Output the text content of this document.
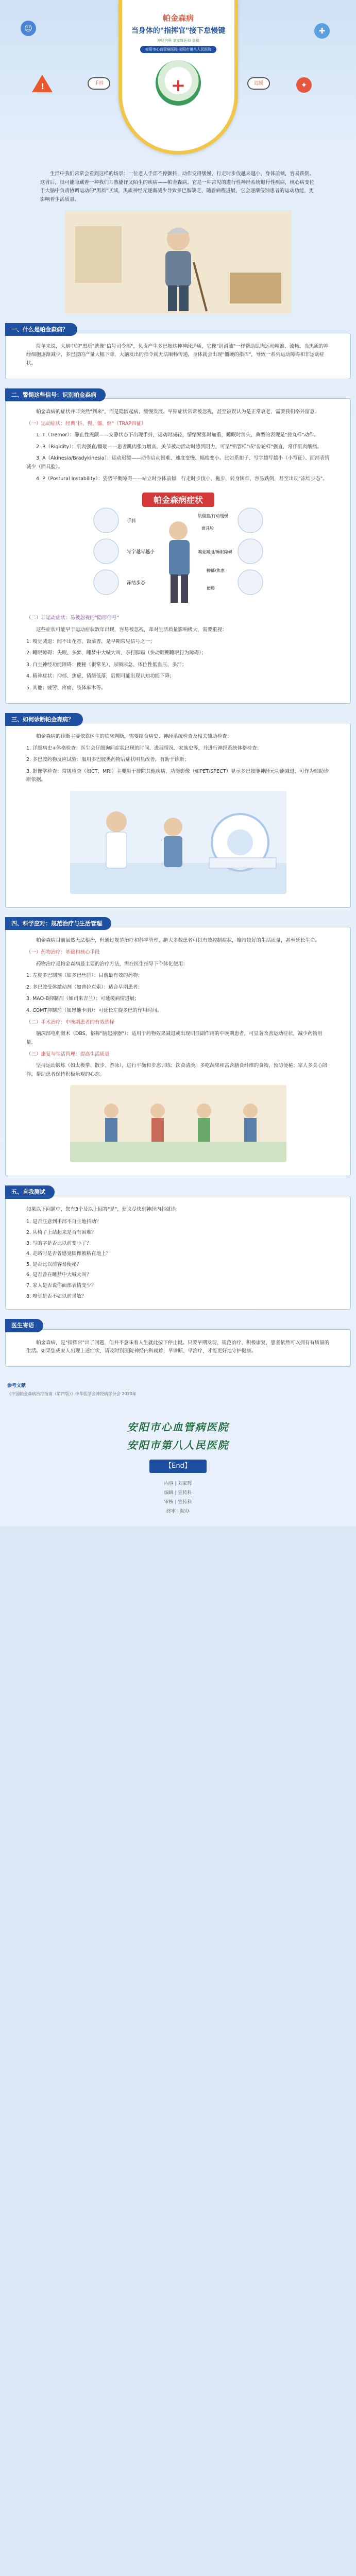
帕金森病
当身体的"指挥官"接下怠慢键
神经内科 刘家辉医师 供稿
安阳市心血管病医院·安阳市第八人民医院
+
☺	✚
!	✦
手抖	迟缓

生活中我们常常会看到这样的场景：一位老人手部不停颤抖，动作变得缓慢，行走时步伐越来越小，身体前倾，容易跌倒。这背后，很可能隐藏着一种我们耳熟能详又陌生的疾病——帕金森病。它是一种常见的进行性神经系统退行性疾病，核心病变位于大脑中负责协调运动的"黑质"区域，黑质神经元逐渐减少导致多巴胺缺乏，随着病程进展，它会逐渐侵蚀患者的运动功能，更影响着生活质量。

一、什么是帕金森病？

简单来说，大脑中的"黑质"就像"信号司令部"，负责产生多巴胺这种神经递质，它像"润滑油"一样帮助肌肉运动精准、流畅。当黑质的神经细胞逐渐减少，多巴胺的产量大幅下降，大脑发出的指令就无法顺畅传递，身体就会出现"僵硬的指挥"，导致一系列运动障碍和非运动症状。

二、警惕这些信号：识别帕金森病

帕金森病的症状并非突然"到来"，而是隐匿起病、缓慢发展。早期症状常常被忽视，甚至被误认为是正常衰老，需要我们格外留意。

（一）运动症状：经典"抖、慢、僵、倒"（TRAP四征）

1. T（Tremor）：静止性震颤——安静状态下出现手抖，运动时减轻，情绪紧张时加重，睡眠时消失，典型的表现是"搓丸样"动作。

2. R（Rigidity）：肌肉强直/僵硬——患者肌肉张力增高，关节被动活动时感到阻力，可呈"铅管样"或"齿轮样"强直，常伴肌肉酸痛。

3. A（Akinesia/Bradykinesia）：运动迟缓——动作启动困难、速度变慢、幅度变小。比如系扣子、写字越写越小（小写征）、面部表情减少（面具脸）。

4. P（Postural Instability）：姿势平衡障碍——站立时身体前倾，行走时步伐小、拖步，转身困难，容易跌倒，甚至出现"冻结步态"。

帕金森病症状
手抖
写字越写越小
冻结步态
肌僵直/行动缓慢
面具脸
嗅觉减退/睡眠障碍
抑郁/焦虑
便秘

（二）非运动症状：易被忽视的"隐形信号"

这些症状可能早于运动症状数年出现，容易被忽视，却对生活质量影响极大，需要重视：

1. 嗅觉减退：闻不出花香、饭菜香，是早期常见信号之一；

2. 睡眠障碍：失眠、多梦，睡梦中大喊大叫、拳打脚踢（快动眼期睡眠行为障碍）；

3. 自主神经功能障碍：便秘（很常见）、尿频尿急、体位性低血压、多汗；

4. 精神症状：抑郁、焦虑、情绪低落，后期可能出现认知功能下降；

5. 其他：疲劳、疼痛、肢体麻木等。

三、如何诊断帕金森病？

帕金森病的诊断主要依靠医生的临床判断，需要结合病史、神经系统检查及相关辅助检查：

1. 详细病史+体格检查：医生会仔细询问症状出现的时间、进展情况、家族史等，并进行神经系统体格检查；

2. 多巴胺药物反应试验：服用多巴胺类药物后症状明显改善，有助于诊断；

3. 影像学检查：常规检查（如CT、MRI）主要用于排除其他疾病，功能影像（如PET/SPECT）显示多巴胺能神经元功能减退，可作为辅助诊断依据。

四、科学应对：规范治疗与生活管理

帕金森病目前虽然无法根治，但通过规范治疗和科学管理，绝大多数患者可以有效控制症状，维持较好的生活质量，甚至延长生命。

（一）药物治疗：基础和核心手段

药物治疗是帕金森病最主要的治疗方法，需在医生指导下个体化使用：

1. 左旋多巴制剂（如多巴丝肼）：目前最有效的药物；

2. 多巴胺受体激动剂（如普拉克索）：适合早期患者；

3. MAO-B抑制剂（如司来吉兰）：可延缓病情进展；

4. COMT抑制剂（如恩他卡朋）：可延长左旋多巴的作用时间。

（二）手术治疗：中晚期患者的有效选择

脑深部电刺激术（DBS，俗称"脑起搏器"）：适用于药物效果减退或出现明显副作用的中晚期患者，可显著改善运动症状，减少药物用量。

（三）康复与生活管理：提高生活质量

坚持运动锻炼（如太极拳、散步、游泳），进行平衡和步态训练；饮食清淡，多吃蔬果和富含膳食纤维的食物，预防便秘；家人多关心陪伴，帮助患者保持积极乐观的心态。

五、自我测试

如果以下问题中，您有3个及以上回答"是"，建议尽快到神经内科就诊：

1. 是否注意到手部不自主地抖动？
2. 从椅子上站起来是否有困难？
3. 写的字是否比以前变小了？
4. 走路时是否曾感觉脚像被粘在地上？
5. 是否比以前容易便秘？
6. 是否曾在睡梦中大喊大叫？
7. 家人是否说你面部表情变少？
8. 嗅觉是否不如以前灵敏？
医生寄语

帕金森病，是"指挥官"出了问题，但并不意味着人生就此按下停止键。只要早期发现、规范治疗、积极康复，患者依然可以拥有有质量的生活。如果您或家人出现上述症状，请及时到医院神经内科就诊，早诊断、早治疗，才能更好地守护健康。

参考文献
《中国帕金森病治疗指南（第四版）》中华医学会神经病学分会 2020年
安阳市心血管病医院
安阳市第八人民医院
【End】
内容 | 刘家辉
编辑 | 宣传科
审核 | 宣传科
终审 | 院办
